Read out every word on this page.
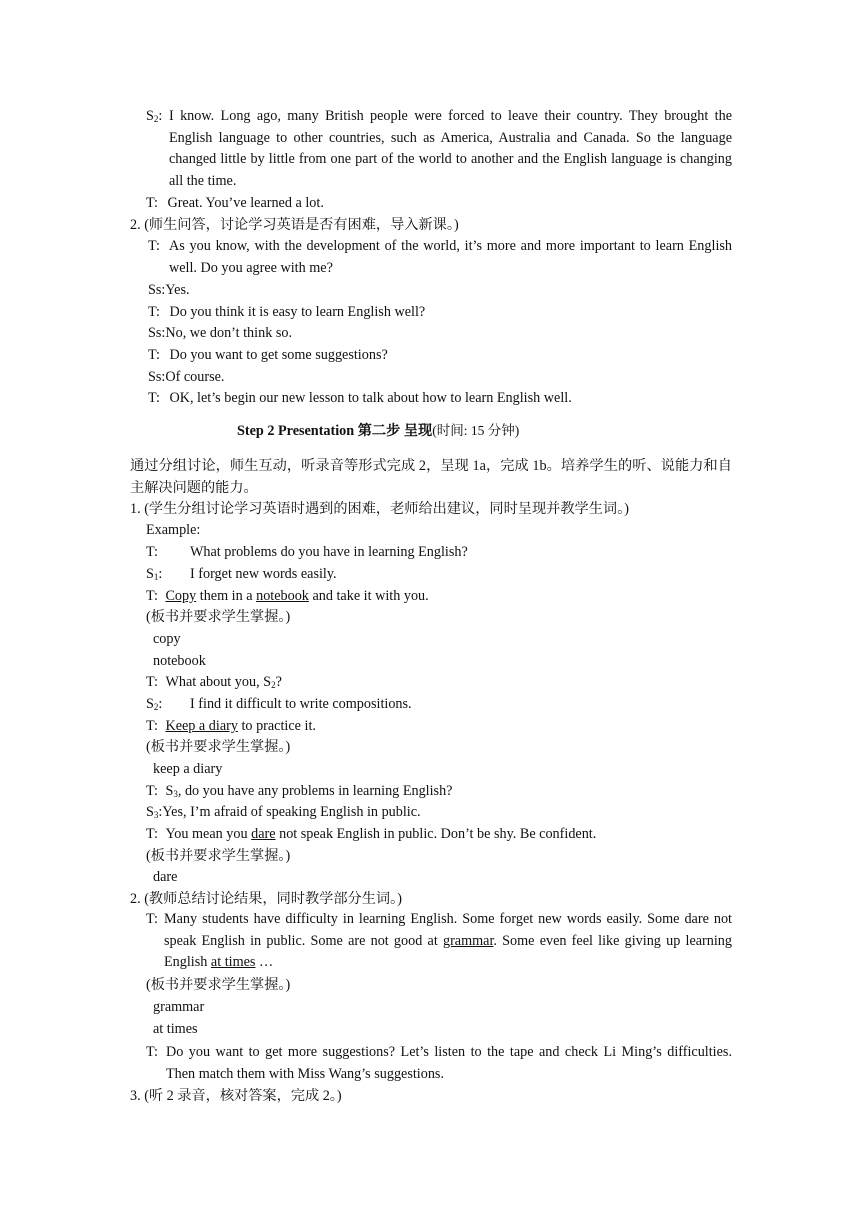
$S_2$: I know. Long ago, many British people were forced to leave their country. They brought the English language to other countries, such as America, Australia and Canada. So the language changed little by little from one part of the world to another and the English language is changing all the time.
T: Great. You’ve learned a lot.
2. (师生问答，讨论学习英语是否有困难，导入新课。)
T: As you know, with the development of the world, it’s more and more important to learn English well. Do you agree with me?
Ss:Yes.
T: Do you think it is easy to learn English well?
Ss:No, we don’t think so.
T: Do you want to get some suggestions?
Ss:Of course.
T: OK, let’s begin our new lesson to talk about how to learn English well.
Step 2 Presentation 第二步 呈现(时间: 15 分钟)
通过分组讨论，师生互动，听录音等形式完成 2，呈现 1a，完成 1b。培养学生的听、说能力和自主解决问题的能力。
1. (学生分组讨论学习英语时遇到的困难，老师给出建议，同时呈现并教学生词。)
Example:
T: What problems do you have in learning English?
$S_1$: I forget new words easily.
T: Copy them in a notebook and take it with you.
(板书并要求学生掌握。)
copy
notebook
T: What about you, $S_2$?
$S_2$: I find it difficult to write compositions.
T: Keep a diary to practice it.
(板书并要求学生掌握。)
keep a diary
T: $S_3$, do you have any problems in learning English?
$S_3:Yes$, I’m afraid of speaking English in public.
T: You mean you dare not speak English in public. Don’t be shy. Be confident.
(板书并要求学生掌握。)
dare
2. (教师总结讨论结果，同时教学部分生词。)
T: Many students have difficulty in learning English. Some forget new words easily. Some dare not speak English in public. Some are not good at grammar. Some even feel like giving up learning English at times …
(板书并要求学生掌握。)
grammar
at times
T: Do you want to get more suggestions? Let’s listen to the tape and check Li Ming’s difficulties. Then match them with Miss Wang’s suggestions.
3. (听 2 录音，核对答案，完成 2。)
